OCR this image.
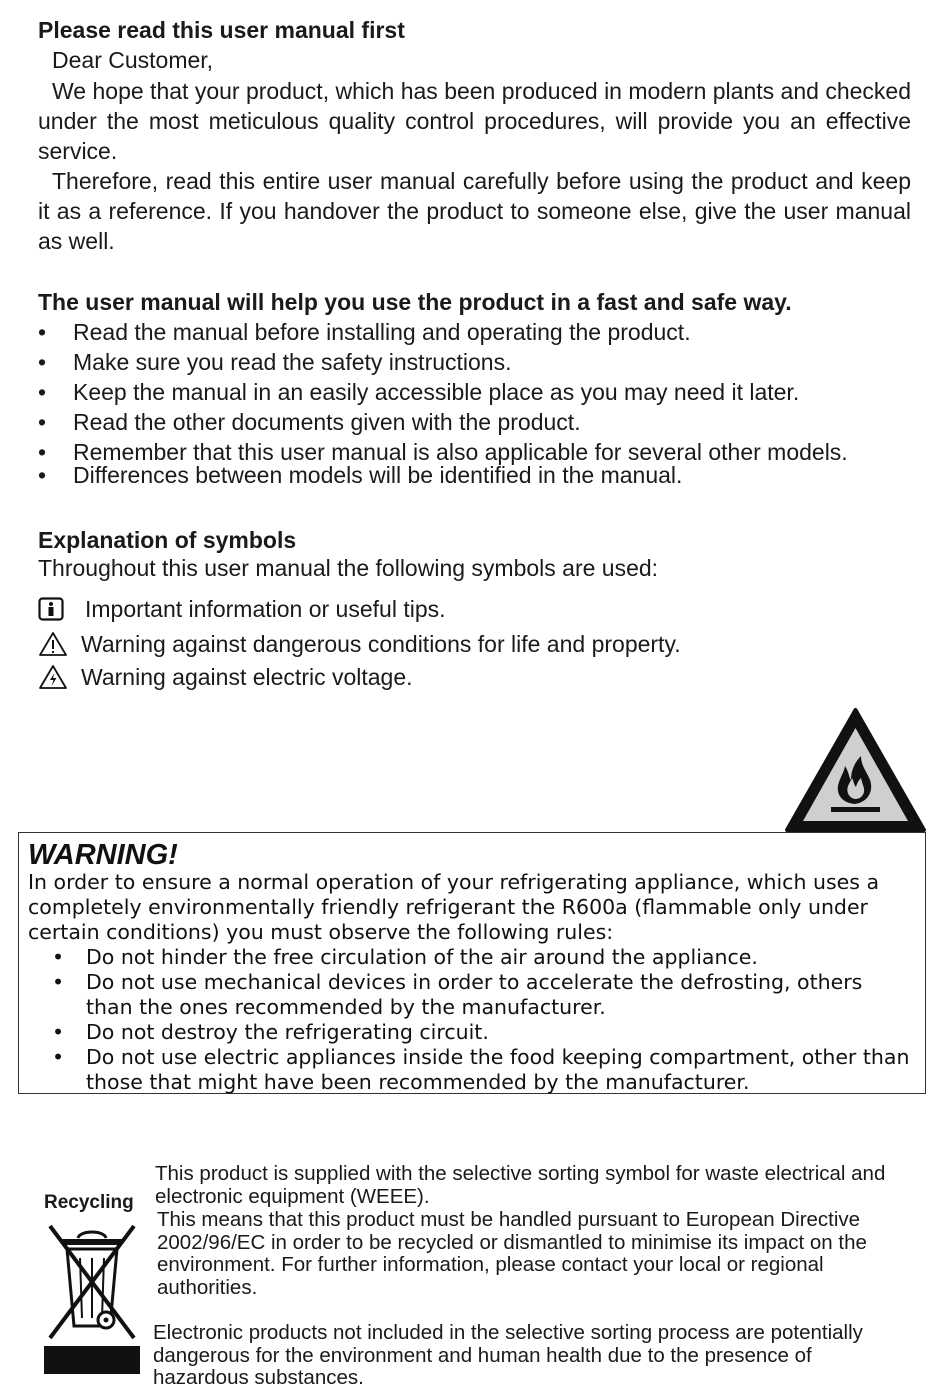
Please read this user manual first
Dear Customer,
We hope that your product, which has been produced in modern plants and checked under the most meticulous quality control procedures, will provide you an effective service.
Therefore, read this entire user manual carefully before using the product and keep it as a reference. If you handover the product to someone else, give the user manual as well.
The user manual will help you use the product in a fast and safe way.
• Read the manual before installing and operating the product.
• Make sure you read the safety instructions.
• Keep the manual in an easily accessible place as you may need it later.
• Read the other documents given with the product.
• Remember that this user manual is also applicable for several other models.
• Differences between models will be identified in the manual.
Explanation of symbols
Throughout this user manual the following symbols are used:
Important information or useful tips.
Warning against dangerous conditions for life and property.
Warning against electric voltage.
WARNING!
In order to ensure a normal operation of your refrigerating appliance, which uses a completely environmentally friendly refrigerant the R600a (flammable only under certain conditions) you must observe the following rules:
• Do not hinder the free circulation of the air around the appliance.
• Do not use mechanical devices in order to accelerate the defrosting, others than the ones recommended by the manufacturer.
• Do not destroy the refrigerating circuit.
• Do not use electric appliances inside the food keeping compartment, other than those that might have been recommended by the manufacturer.
Recycling
This product is supplied with the selective sorting symbol for waste electrical and electronic equipment (WEEE).
This means that this product must be handled pursuant to European Directive 2002/96/EC in order to be recycled or dismantled to minimise its impact on the environment. For further information, please contact your local or regional authorities.
Electronic products not included in the selective sorting process are potentially dangerous for the environment and human health due to the presence of hazardous substances.
